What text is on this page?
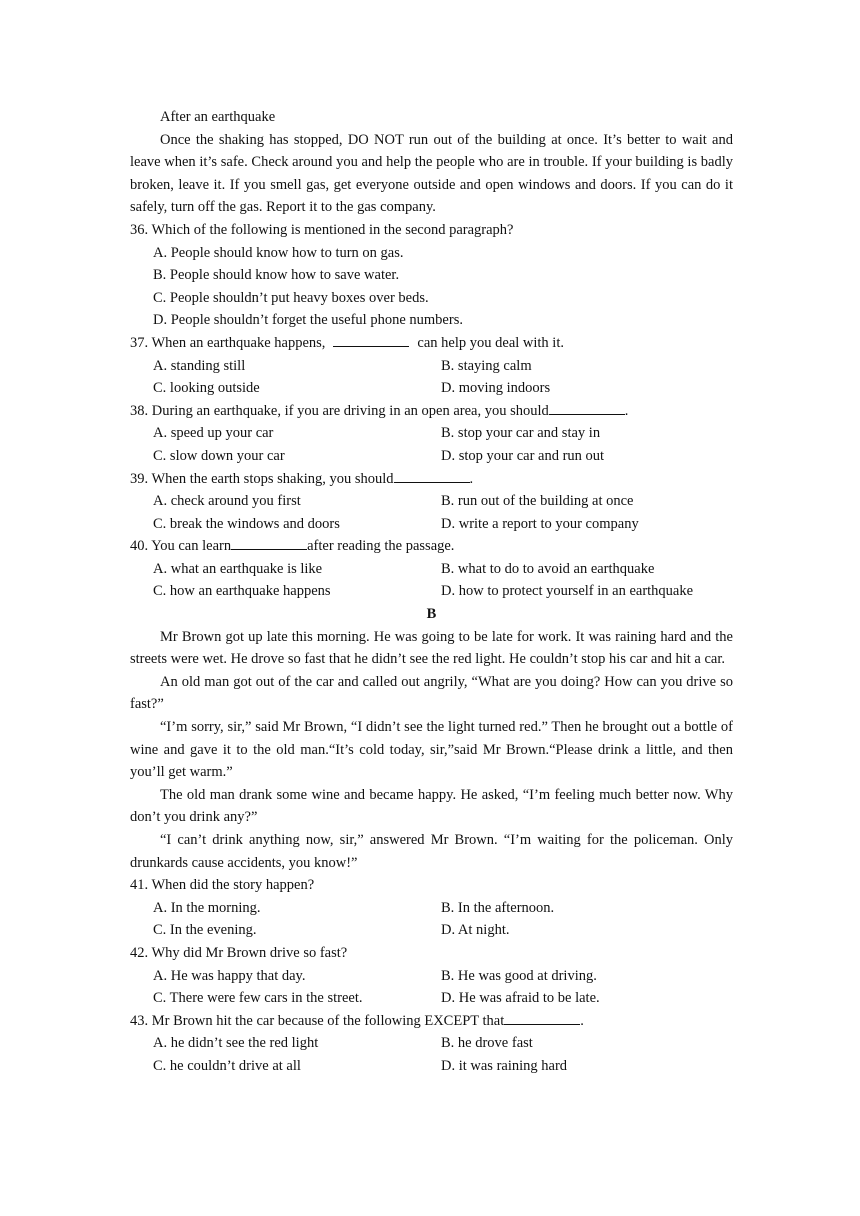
After an earthquake

Once the shaking has stopped, DO NOT run out of the building at once. It’s better to wait and leave when it’s safe. Check around you and help the people who are in trouble. If your building is badly broken, leave it. If you smell gas, get everyone outside and open windows and doors. If you can do it safely, turn off the gas. Report it to the gas company.

36. Which of the following is mentioned in the second paragraph?

A. People should know how to turn on gas.

B. People should know how to save water.

C. People shouldn’t put heavy boxes over beds.

D. People shouldn’t forget the useful phone numbers.

37. When an earthquake happens,	can help you deal with it.

A. standing still	B. staying calm
C. looking outside	D. moving indoors

38. During an earthquake, if you are driving in an open area, you should	.

A. speed up your car	B. stop your car and stay in
C. slow down your car	D. stop your car and run out

39. When the earth stops shaking, you should	.

A. check around you first	B. run out of the building at once
C. break the windows and doors	D. write a report to your company

40. You can learn	after reading the passage.

A. what an earthquake is like	B. what to do to avoid an earthquake
C. how an earthquake happens	D. how to protect yourself in an earthquake

B

Mr Brown got up late this morning. He was going to be late for work. It was raining hard and the streets were wet. He drove so fast that he didn’t see the red light. He couldn’t stop his car and hit a car.

An old man got out of the car and called out angrily, “What are you doing? How can you drive so fast?”

“I’m sorry, sir,” said Mr Brown, “I didn’t see the light turned red.” Then he brought out a bottle of wine and gave it to the old man.“It’s cold today, sir,”said Mr Brown.“Please drink a little, and then you’ll get warm.”

The old man drank some wine and became happy. He asked, “I’m feeling much better now. Why don’t you drink any?”

“I can’t drink anything now, sir,” answered Mr Brown. “I’m waiting for the policeman. Only drunkards cause accidents, you know!”

41. When did the story happen?

A. In the morning.	B. In the afternoon.
C. In the evening.	D. At night.

42. Why did Mr Brown drive so fast?

A. He was happy that day.	B. He was good at driving.
C. There were few cars in the street.	D. He was afraid to be late.

43. Mr Brown hit the car because of the following EXCEPT that	.

A. he didn’t see the red light	B. he drove fast
C. he couldn’t drive at all	D. it was raining hard
